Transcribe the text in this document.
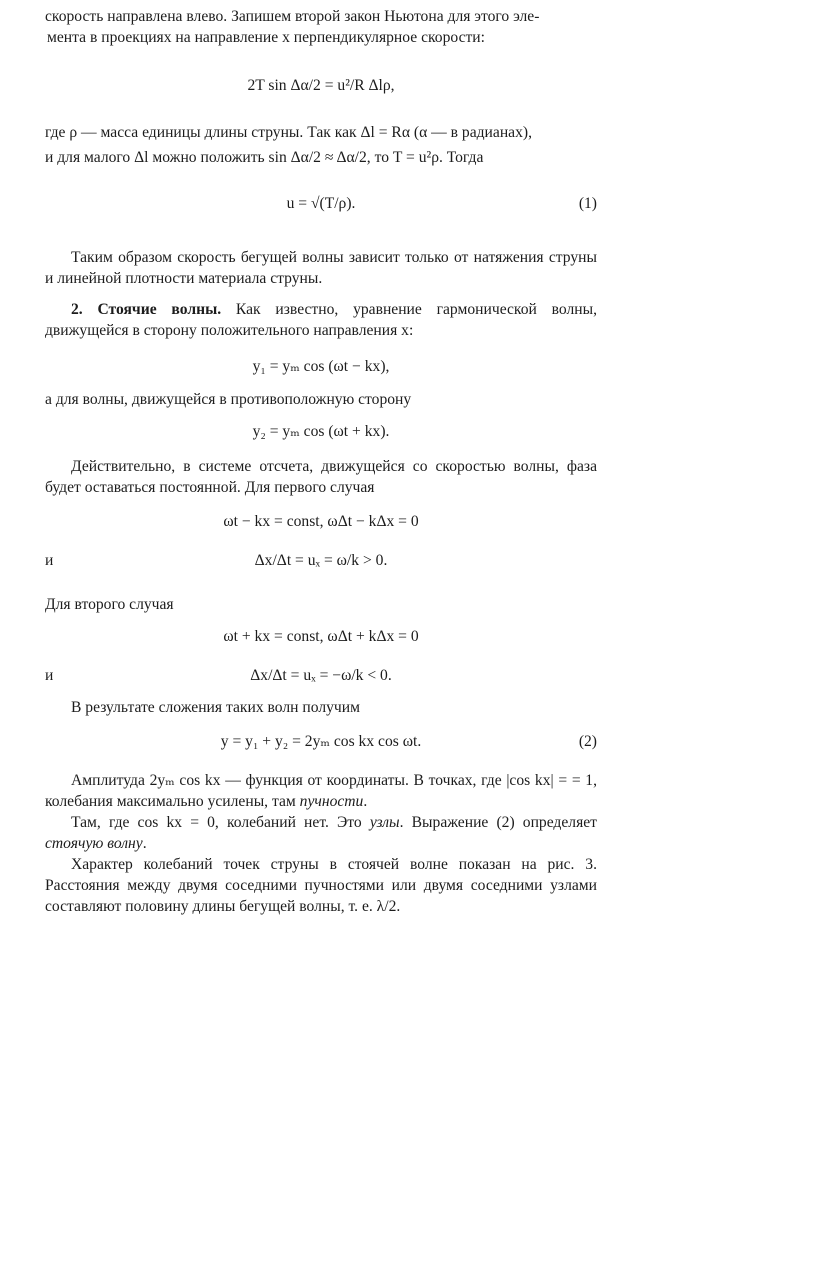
скорость направлена влево. Запишем второй закон Ньютона для этого эле-

мента в проекциях на направление x перпендикулярное скорости:

2T sin Δα/2 = u²/R Δlρ,

где ρ — масса единицы длины струны. Так как Δl = Rα (α — в радианах),

и для малого Δl можно положить sin Δα/2 ≈ Δα/2, то T = u²ρ. Тогда

u = √(T/ρ).	(1)

Таким образом скорость бегущей волны зависит только от натяжения струны и линейной плотности материала струны.

2. Стоячие волны. Как известно, уравнение гармонической волны, движущейся в сторону положительного направления x:

y₁ = yₘ cos (ωt − kx),

а для волны, движущейся в противоположную сторону

y₂ = yₘ cos (ωt + kx).

Действительно, в системе отсчета, движущейся со скоростью волны, фаза будет оставаться постоянной. Для первого случая

ωt − kx = const, ωΔt − kΔx = 0
и	Δx/Δt = uₓ = ω/k > 0.

Для второго случая

ωt + kx = const, ωΔt + kΔx = 0
и	Δx/Δt = uₓ = −ω/k < 0.

В результате сложения таких волн получим

y = y₁ + y₂ = 2yₘ cos kx cos ωt.	(2)

Амплитуда 2yₘ cos kx — функция от координаты. В точках, где |cos kx| = = 1, колебания максимально усилены, там пучности.

Там, где cos kx = 0, колебаний нет. Это узлы. Выражение (2) определяет стоячую волну.

Характер колебаний точек струны в стоячей волне показан на рис. 3. Расстояния между двумя соседними пучностями или двумя соседними узлами составляют половину длины бегущей волны, т. е. λ/2.
